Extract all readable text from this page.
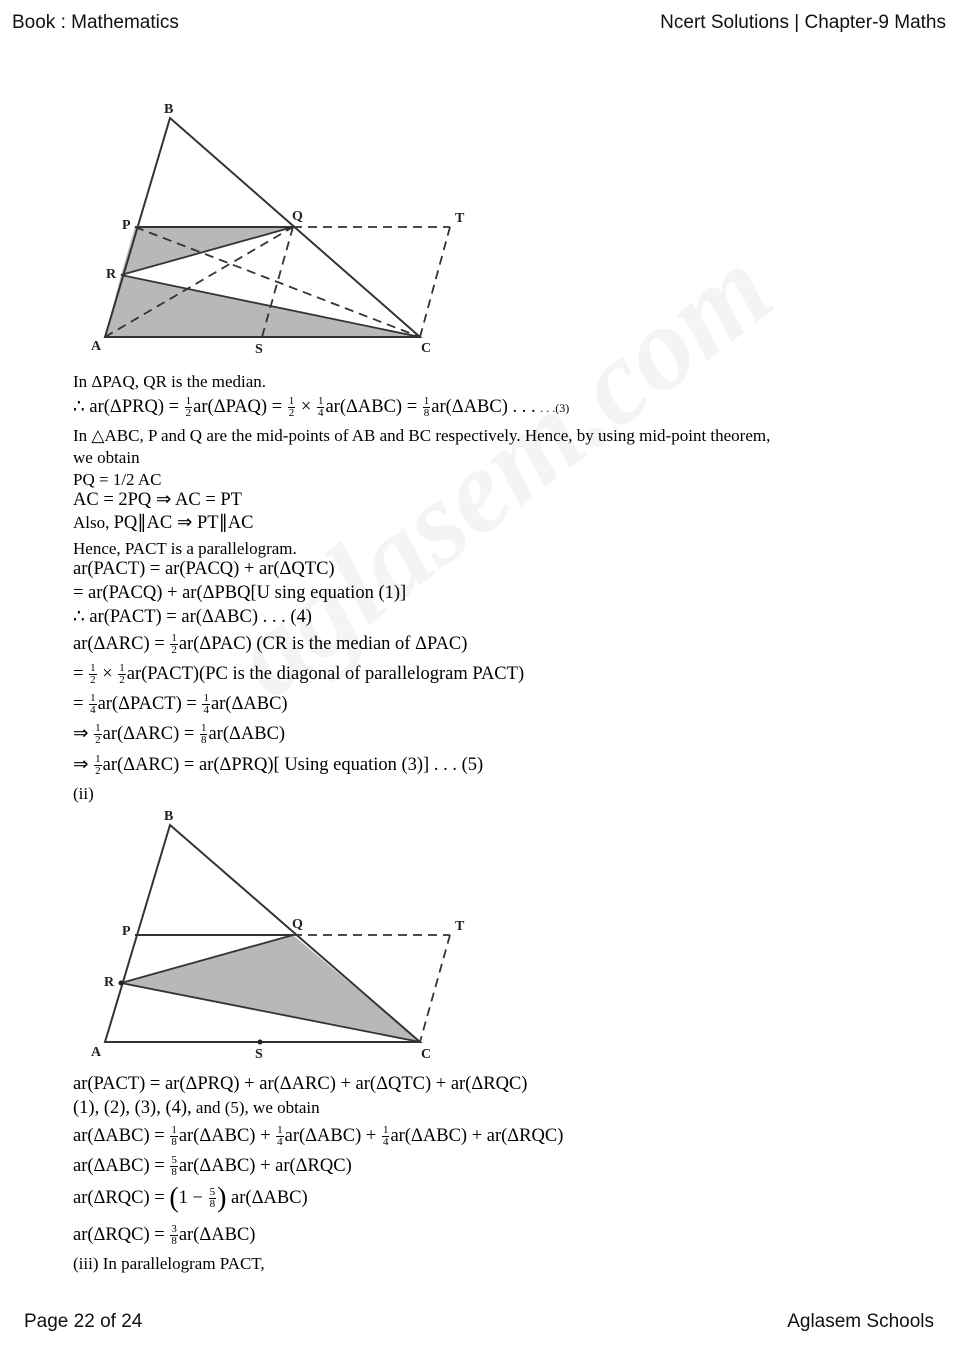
Book : Mathematics	Ncert Solutions | Chapter-9 Maths
B
P
Q	T
R
A	S	C
In ΔPAQ, QR is the median.
∴ $ar(\Delta PRQ) = \frac{1}{2} ar(\Delta PAQ) = \frac{1}{2} \times \frac{1}{4} ar(\Delta ABC) = \frac{1}{8} ar(\Delta ABC)$ . . . . . .(3)
In △ABC, P and Q are the mid-points of AB and BC respectively. Hence, by using mid-point theorem,
we obtain
PQ = 1/2 AC
AC = 2PQ ⇒ AC = PT
Also, PQ∥AC ⇒ PT∥AC
Hence, PACT is a parallelogram.
ar(PACT) = ar(PACQ) + ar(ΔQTC)
= ar(PACQ) + ar(ΔPBQ[U sing equation (1)]
∴ ar(PACT) = ar(ΔABC) . . . (4)
$ar(\Delta ARC) = \frac{1}{2} ar(\Delta PAC)$ (CR is the median of ΔPAC)
= $\frac{1}{2} \times \frac{1}{2}$ ar(PACT)(PC is the diagonal of parallelogram PACT)
= $\frac{1}{4}$ ar(ΔPACT) = $\frac{1}{4} ar(\Delta ABC)$
⇒ $\frac{1}{2} ar(\Delta ARC) = \frac{1}{8} ar(\Delta ABC)$
⇒ $\frac{1}{2} ar(\Delta ARC) = ar(\Delta PRQ)$[ Using equation (3)] . . . (5)
(ii)
B
P	Q	T
R
A	S	C
ar(PACT) = ar(ΔPRQ) + ar(ΔARC) + ar(ΔQTC) + ar(ΔRQC)
(1), (2), (3), (4), and (5), we obtain
$ar(\Delta ABC) = \frac{1}{8} ar(\Delta ABC) + \frac{1}{4} ar(\Delta ABC) + \frac{1}{4} ar(\Delta ABC) + ar(\Delta RQC)$
$ar(\Delta ABC) = \frac{5}{8} ar(\Delta ABC) + ar(\Delta RQC)$
$ar(\Delta RQC) = (1 - \frac{5}{8}$ ) ar(ΔABC)
$ar(\Delta RQC) = \frac{3}{8} ar(\Delta ABC)$
(iii) In parallelogram PACT,
Page 22 of 24	Aglasem Schools
